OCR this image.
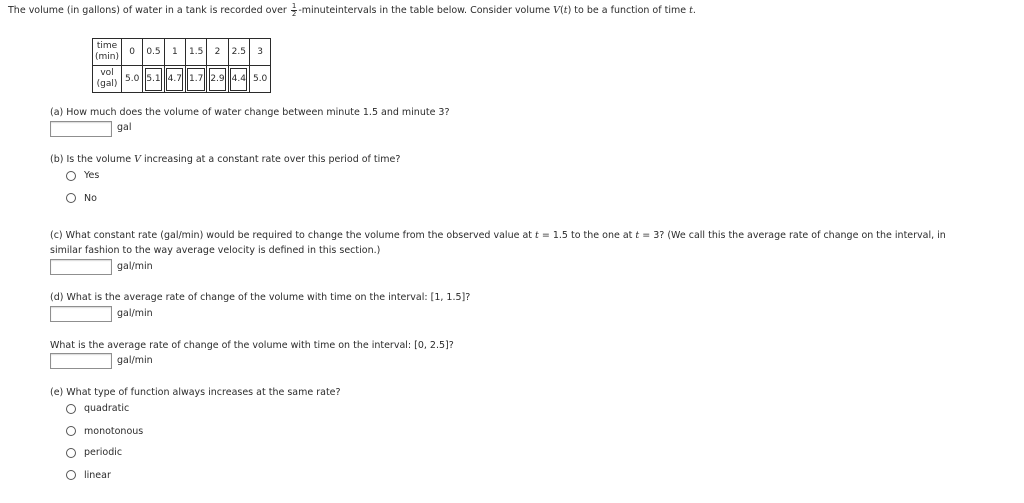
The volume (in gallons) of water in a tank is recorded over $\frac{1}{2}$ -minuteintervals in the table below. Consider volume V(t) to be a function of time t.
time
(min)	0	0.5	1	1.5	2	2.5	3
vol
(gal)	5.0	5.1	4.7	1.7	2.9	4.4	5.0
(a) How much does the volume of water change between minute 1.5 and minute 3?
gal
(b) Is the volume V increasing at a constant rate over this period of time?
Yes
No
(c) What constant rate (gal/min) would be required to change the volume from the observed value at t = 1.5 to the one at t = 3? (We call this the average rate of change on the interval, in
similar fashion to the way average velocity is defined in this section.)
gal/min
(d) What is the average rate of change of the volume with time on the interval: [1, 1.5]?
gal/min
What is the average rate of change of the volume with time on the interval: [0, 2.5]?
gal/min
(e) What type of function always increases at the same rate?
quadratic
monotonous
periodic
linear
